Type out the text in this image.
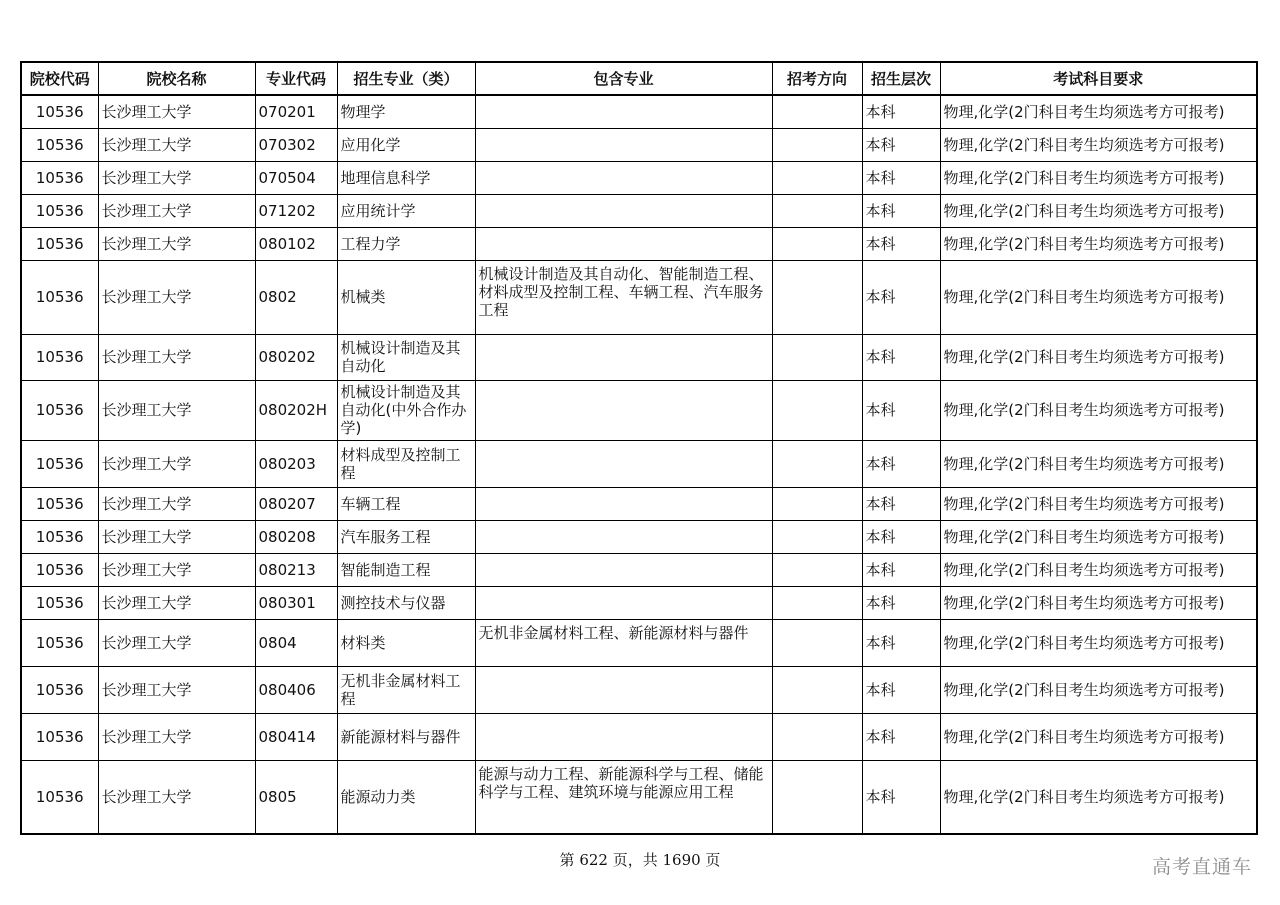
院校代码	院校名称	专业代码	招生专业（类）	包含专业	招考方向	招生层次	考试科目要求
10536	长沙理工大学	070201	物理学			本科	物理,化学(2门科目考生均须选考方可报考)
10536	长沙理工大学	070302	应用化学			本科	物理,化学(2门科目考生均须选考方可报考)
10536	长沙理工大学	070504	地理信息科学			本科	物理,化学(2门科目考生均须选考方可报考)
10536	长沙理工大学	071202	应用统计学			本科	物理,化学(2门科目考生均须选考方可报考)
10536	长沙理工大学	080102	工程力学			本科	物理,化学(2门科目考生均须选考方可报考)
10536	长沙理工大学	0802	机械类	机械设计制造及其自动化、智能制造工程、材料成型及控制工程、车辆工程、汽车服务工程		本科	物理,化学(2门科目考生均须选考方可报考)
10536	长沙理工大学	080202	机械设计制造及其自动化			本科	物理,化学(2门科目考生均须选考方可报考)
10536	长沙理工大学	080202H	机械设计制造及其自动化(中外合作办学)			本科	物理,化学(2门科目考生均须选考方可报考)
10536	长沙理工大学	080203	材料成型及控制工程			本科	物理,化学(2门科目考生均须选考方可报考)
10536	长沙理工大学	080207	车辆工程			本科	物理,化学(2门科目考生均须选考方可报考)
10536	长沙理工大学	080208	汽车服务工程			本科	物理,化学(2门科目考生均须选考方可报考)
10536	长沙理工大学	080213	智能制造工程			本科	物理,化学(2门科目考生均须选考方可报考)
10536	长沙理工大学	080301	测控技术与仪器			本科	物理,化学(2门科目考生均须选考方可报考)
10536	长沙理工大学	0804	材料类	无机非金属材料工程、新能源材料与器件		本科	物理,化学(2门科目考生均须选考方可报考)
10536	长沙理工大学	080406	无机非金属材料工程			本科	物理,化学(2门科目考生均须选考方可报考)
10536	长沙理工大学	080414	新能源材料与器件			本科	物理,化学(2门科目考生均须选考方可报考)
10536	长沙理工大学	0805	能源动力类	能源与动力工程、新能源科学与工程、储能科学与工程、建筑环境与能源应用工程		本科	物理,化学(2门科目考生均须选考方可报考)
第 622 页，共 1690 页	高考直通车
